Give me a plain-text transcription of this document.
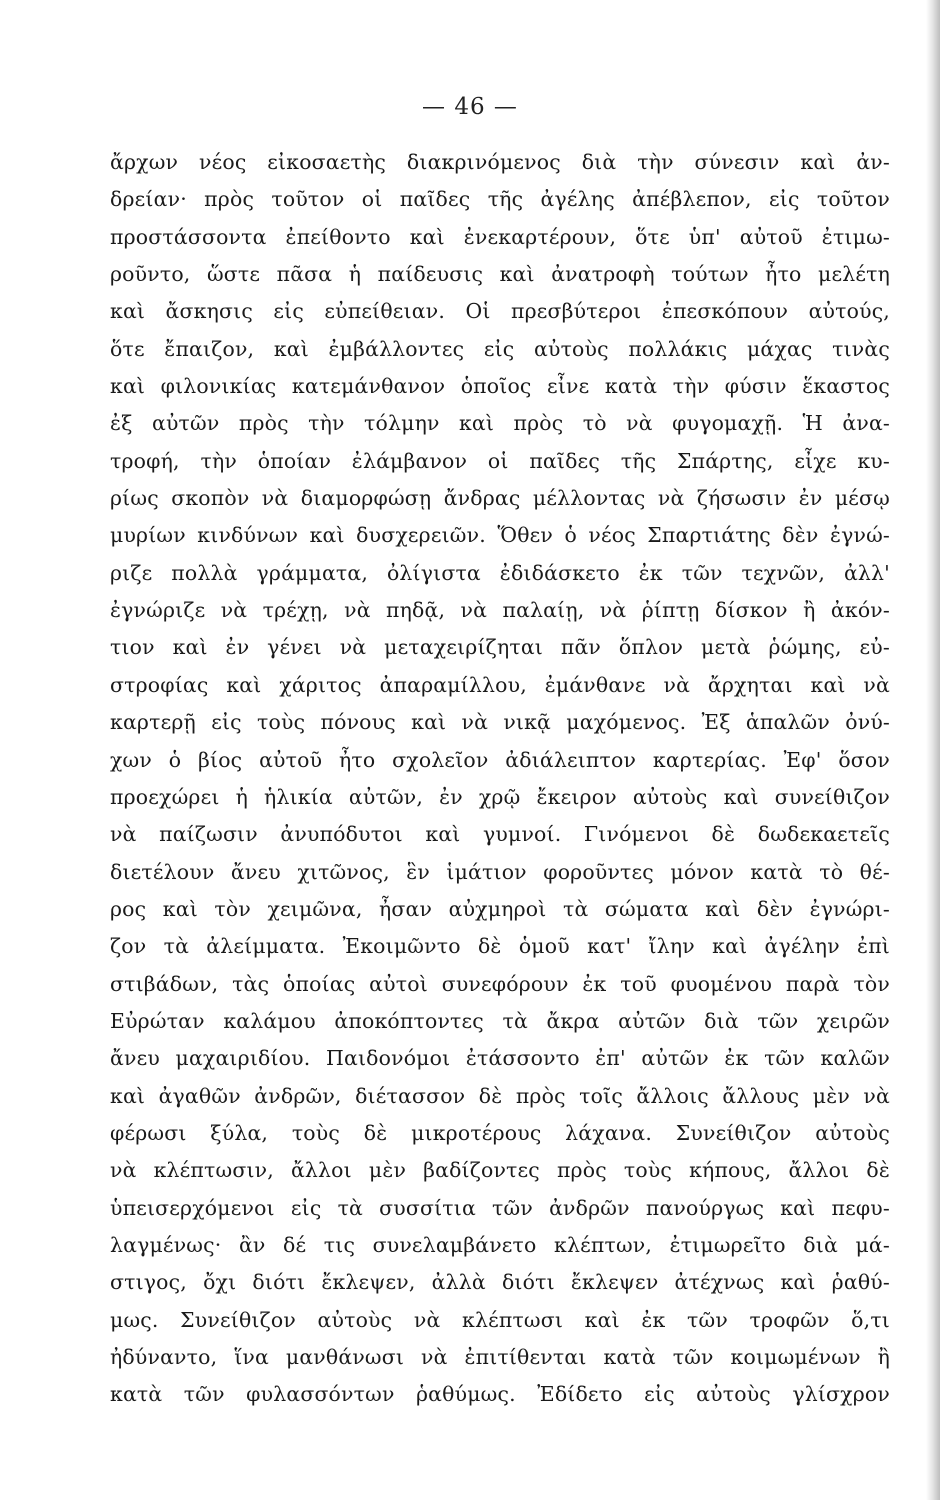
— 46 —
ἄρχων νέος εἰκοσαετὴς διακρινόμενος διὰ τὴν σύνεσιν καὶ ἀν-
δρείαν· πρὸς τοῦτον οἱ παῖδες τῆς ἀγέλης ἀπέβλεπον, εἰς τοῦτον
προστάσσοντα ἐπείθοντο καὶ ἐνεκαρτέρουν, ὅτε ὑπ' αὐτοῦ ἐτιμω-
ροῦντο, ὥστε πᾶσα ἡ παίδευσις καὶ ἀνατροφὴ τούτων ἦτο μελέτη
καὶ ἄσκησις εἰς εὐπείθειαν. Οἱ πρεσβύτεροι ἐπεσκόπουν αὐτούς,
ὅτε ἔπαιζον, καὶ ἐμβάλλοντες εἰς αὐτοὺς πολλάκις μάχας τινὰς
καὶ φιλονικίας κατεμάνθανον ὁποῖος εἶνε κατὰ τὴν φύσιν ἕκαστος
ἐξ αὐτῶν πρὸς τὴν τόλμην καὶ πρὸς τὸ νὰ φυγομαχῇ. Ἡ ἀνα-
τροφή, τὴν ὁποίαν ἐλάμβανον οἱ παῖδες τῆς Σπάρτης, εἶχε κυ-
ρίως σκοπὸν νὰ διαμορφώσῃ ἄνδρας μέλλοντας νὰ ζήσωσιν ἐν μέσῳ
μυρίων κινδύνων καὶ δυσχερειῶν. Ὅθεν ὁ νέος Σπαρτιάτης δὲν ἐγνώ-
ριζε πολλὰ γράμματα, ὀλίγιστα ἐδιδάσκετο ἐκ τῶν τεχνῶν, ἀλλ'
ἐγνώριζε νὰ τρέχῃ, νὰ πηδᾷ, νὰ παλαίῃ, νὰ ῥίπτῃ δίσκον ἢ ἀκόν-
τιον καὶ ἐν γένει νὰ μεταχειρίζηται πᾶν ὅπλον μετὰ ῥώμης, εὐ-
στροφίας καὶ χάριτος ἀπαραμίλλου, ἐμάνθανε νὰ ἄρχηται καὶ νὰ
καρτερῇ εἰς τοὺς πόνους καὶ νὰ νικᾷ μαχόμενος. Ἐξ ἁπαλῶν ὀνύ-
χων ὁ βίος αὐτοῦ ἦτο σχολεῖον ἀδιάλειπτον καρτερίας. Ἐφ' ὅσον
προεχώρει ἡ ἡλικία αὐτῶν, ἐν χρῷ ἔκειρον αὐτοὺς καὶ συνείθιζον
νὰ παίζωσιν ἀνυπόδυτοι καὶ γυμνοί. Γινόμενοι δὲ δωδεκαετεῖς
διετέλουν ἄνευ χιτῶνος, ἓν ἱμάτιον φοροῦντες μόνον κατὰ τὸ θέ-
ρος καὶ τὸν χειμῶνα, ἦσαν αὐχμηροὶ τὰ σώματα καὶ δὲν ἐγνώρι-
ζον τὰ ἀλείμματα. Ἐκοιμῶντο δὲ ὁμοῦ κατ' ἴλην καὶ ἀγέλην ἐπὶ
στιβάδων, τὰς ὁποίας αὐτοὶ συνεφόρουν ἐκ τοῦ φυομένου παρὰ τὸν
Εὐρώταν καλάμου ἀποκόπτοντες τὰ ἄκρα αὐτῶν διὰ τῶν χειρῶν
ἄνευ μαχαιριδίου. Παιδονόμοι ἐτάσσοντο ἐπ' αὐτῶν ἐκ τῶν καλῶν
καὶ ἀγαθῶν ἀνδρῶν, διέτασσον δὲ πρὸς τοῖς ἄλλοις ἄλλους μὲν νὰ
φέρωσι ξύλα, τοὺς δὲ μικροτέρους λάχανα. Συνείθιζον αὐτοὺς
νὰ κλέπτωσιν, ἄλλοι μὲν βαδίζοντες πρὸς τοὺς κήπους, ἄλλοι δὲ
ὑπεισερχόμενοι εἰς τὰ συσσίτια τῶν ἀνδρῶν πανούργως καὶ πεφυ-
λαγμένως· ἂν δέ τις συνελαμβάνετο κλέπτων, ἐτιμωρεῖτο διὰ μά-
στιγος, ὄχι διότι ἔκλεψεν, ἀλλὰ διότι ἔκλεψεν ἀτέχνως καὶ ῥαθύ-
μως. Συνείθιζον αὐτοὺς νὰ κλέπτωσι καὶ ἐκ τῶν τροφῶν ὅ,τι
ἠδύναντο, ἵνα μανθάνωσι νὰ ἐπιτίθενται κατὰ τῶν κοιμωμένων ἢ
κατὰ τῶν φυλασσόντων ῥαθύμως. Ἐδίδετο εἰς αὐτοὺς γλίσχρον
